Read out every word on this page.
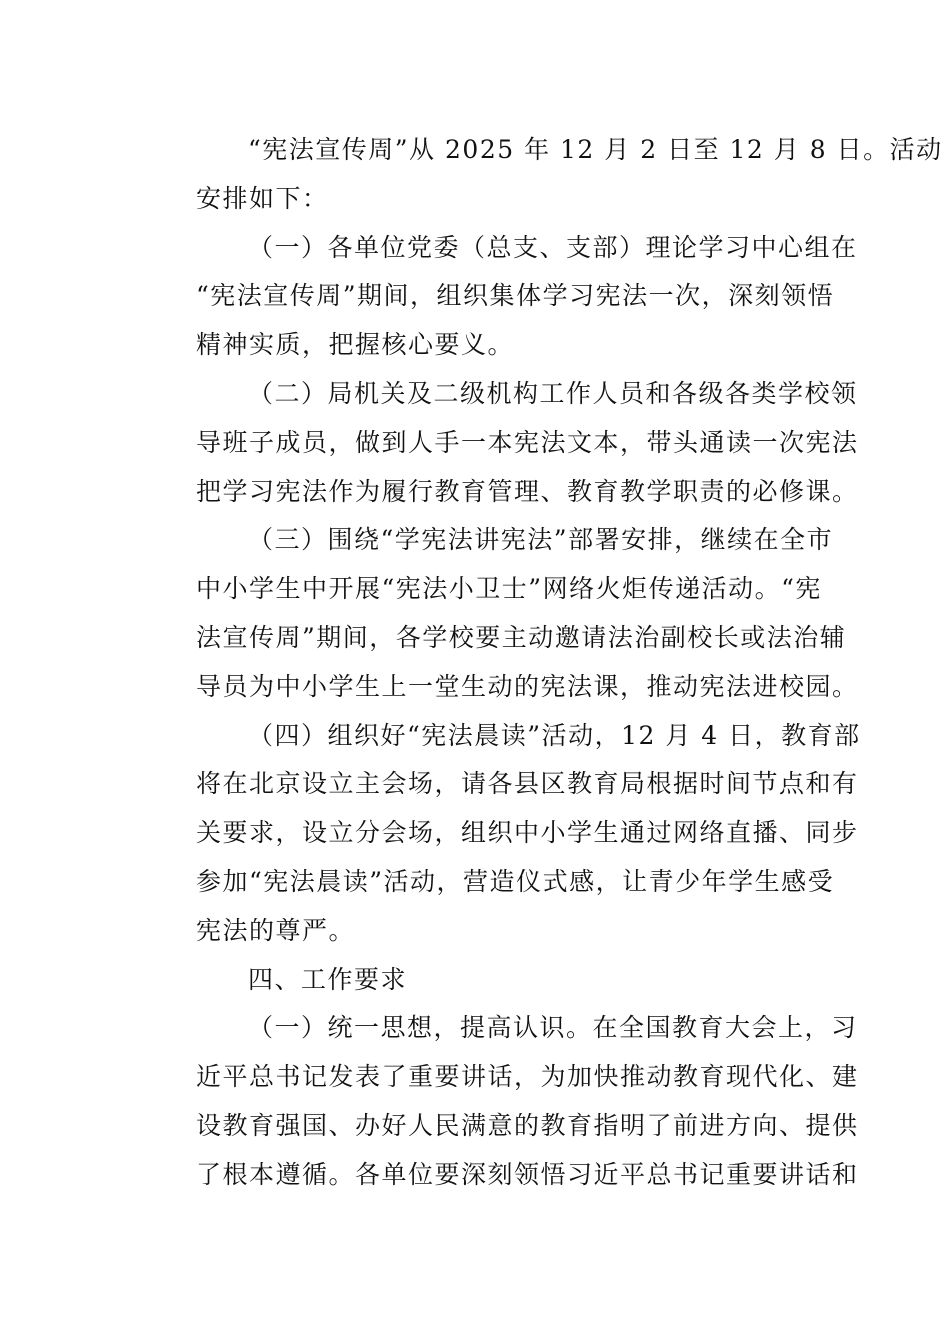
“宪法宣传周”从 2025 年 12 月 2 日至 12 月 8 日。活动
安排如下：
（一）各单位党委（总支、支部）理论学习中心组在
“宪法宣传周”期间，组织集体学习宪法一次，深刻领悟
精神实质，把握核心要义。
（二）局机关及二级机构工作人员和各级各类学校领
导班子成员，做到人手一本宪法文本，带头通读一次宪法
把学习宪法作为履行教育管理、教育教学职责的必修课。
（三）围绕“学宪法讲宪法”部署安排，继续在全市
中小学生中开展“宪法小卫士”网络火炬传递活动。“宪
法宣传周”期间，各学校要主动邀请法治副校长或法治辅
导员为中小学生上一堂生动的宪法课，推动宪法进校园。
（四）组织好“宪法晨读”活动，12 月 4 日，教育部
将在北京设立主会场，请各县区教育局根据时间节点和有
关要求，设立分会场，组织中小学生通过网络直播、同步
参加“宪法晨读”活动，营造仪式感，让青少年学生感受
宪法的尊严。
四、工作要求
（一）统一思想，提高认识。在全国教育大会上，习
近平总书记发表了重要讲话，为加快推动教育现代化、建
设教育强国、办好人民满意的教育指明了前进方向、提供
了根本遵循。各单位要深刻领悟习近平总书记重要讲话和
